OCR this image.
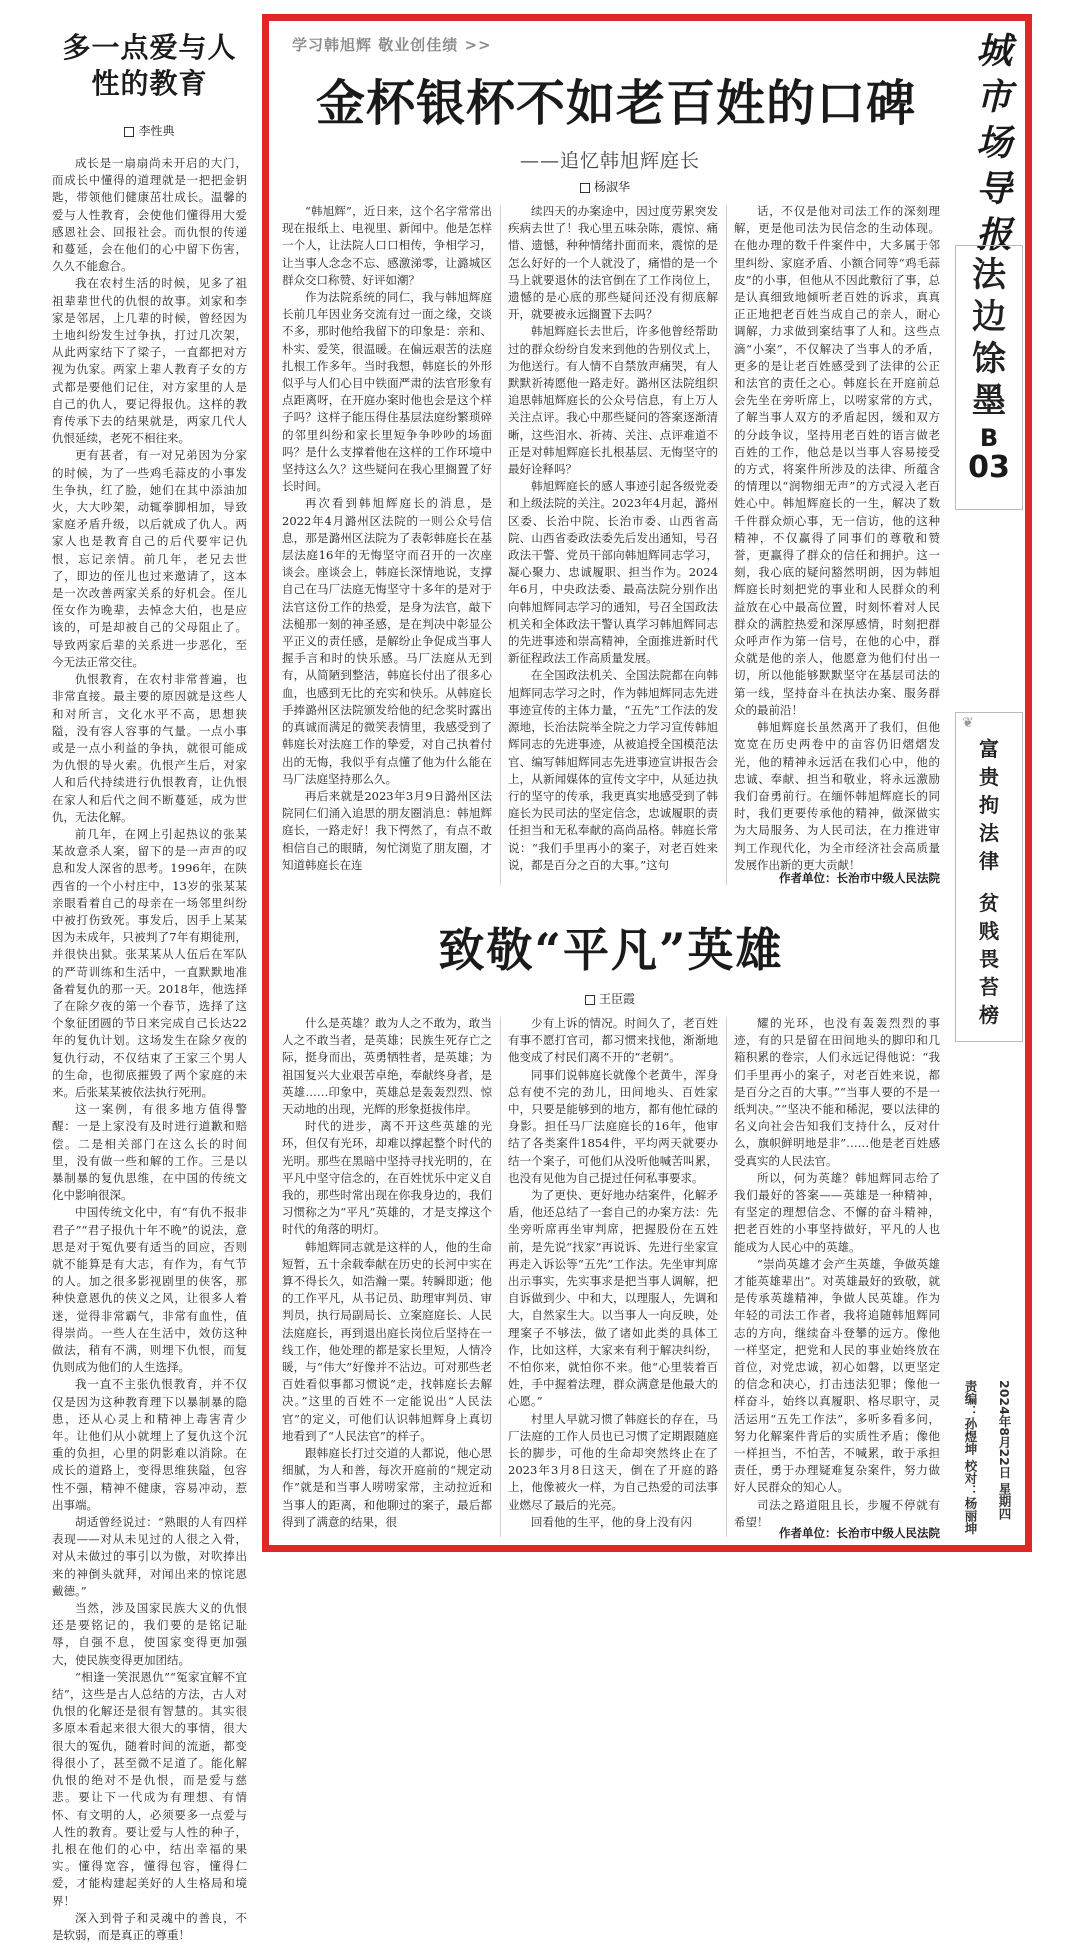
多一点爱与人性的教育
李性典

成长是一扇扇尚未开启的大门，而成长中懂得的道理就是一把把金钥匙，带领他们健康茁壮成长。温馨的爱与人性教育，会使他们懂得用大爱感恩社会、回报社会。而仇恨的传递和蔓延，会在他们的心中留下伤害，久久不能愈合。

我在农村生活的时候，见多了祖祖辈辈世代的仇恨的故事。刘家和李家是邻居，上几辈的时候，曾经因为土地纠纷发生过争执，打过几次架，从此两家结下了梁子，一直都把对方视为仇家。两家上辈人教育子女的方式都是要他们记住，对方家里的人是自己的仇人，要记得报仇。这样的教育传承下去的结果就是，两家几代人仇恨延续，老死不相往来。

更有甚者，有一对兄弟因为分家的时候，为了一些鸡毛蒜皮的小事发生争执，红了脸，她们在其中添油加火，大大吵架，动辄拳脚相加，导致家庭矛盾升级，以后就成了仇人。两家人也是教育自己的后代要牢记仇恨，忘记亲情。前几年，老兄去世了，即边的侄儿也过来邀请了，这本是一次改善两家关系的好机会。侄儿侄女作为晚辈，去悼念大伯，也是应该的，可是却被自己的父母阻止了。导致两家后辈的关系进一步恶化，至今无法正常交往。

仇恨教育，在农村非常普遍，也非常直接。最主要的原因就是这些人和对所言，文化水平不高，思想狭隘，没有容人容事的气量。一点小事或是一点小利益的争执，就很可能成为仇恨的导火索。仇恨产生后，对家人和后代持续进行仇恨教育，让仇恨在家人和后代之间不断蔓延，成为世仇，无法化解。

前几年，在网上引起热议的张某某故意杀人案，留下的是一声声的叹息和发人深省的思考。1996年，在陕西省的一个小村庄中，13岁的张某某亲眼看着自己的母亲在一场邻里纠纷中被打伤致死。事发后，因手上某某因为未成年，只被判了7年有期徒刑，并很快出狱。张某某从人伍后在军队的严苛训练和生活中，一直默默地准备着复仇的那一天。2018年，他选择了在除夕夜的第一个春节，选择了这个象征团圆的节日来完成自己长达22年的复仇计划。这场发生在除夕夜的复仇行动，不仅结束了王家三个男人的生命，也彻底摧毁了两个家庭的未来。后张某某被依法执行死刑。

这一案例，有很多地方值得警醒：一是上家没有及时进行道歉和赔偿。二是相关部门在这么长的时间里，没有做一些和解的工作。三是以暴制暴的复仇思维，在中国的传统文化中影响很深。

中国传统文化中，有“有仇不报非君子”“君子报仇十年不晚”的说法，意思是对于冤仇要有适当的回应，否则就不能算是有大志，有作为，有气节的人。加之很多影视剧里的侠客，那种快意恩仇的侠义之风，让很多人着迷，觉得非常霸气，非常有血性，值得崇尚。一些人在生活中，效仿这种做法，稍有不满，则埋下仇恨，而复仇则成为他们的人生选择。

我一直不主张仇恨教育，并不仅仅是因为这种教育理下以暴制暴的隐患，还从心灵上和精神上毒害青少年。让他们从小就埋上了复仇这个沉重的负担，心里的阴影难以消除。在成长的道路上，变得思维狭隘，包容性不强，精神不健康，容易冲动，惹出事端。

胡适曾经说过：“熟眼的人有四样表现——对从未见过的人很之入骨，对从未做过的事引以为傲，对吹捧出来的神倒头就拜，对闻出来的惊诧恩戴德。”

当然，涉及国家民族大义的仇恨还是要铭记的，我们要的是铭记耻辱，自强不息，使国家变得更加强大，使民族变得更加团结。

“相逢一笑泯恩仇”“冤家宜解不宜结”，这些是古人总结的方法，古人对仇恨的化解还是很有智慧的。其实很多原本看起来很大很大的事情，很大很大的冤仇，随着时间的流逝，都变得很小了，甚至微不足道了。能化解仇恨的绝对不是仇恨，而是爱与慈悲。要让下一代成为有理想、有情怀、有文明的人，必须要多一点爱与人性的教育。要让爱与人性的种子，扎根在他们的心中，结出幸福的果实。懂得宽容，懂得包容，懂得仁爱，才能构建起美好的人生格局和境界！

深入到骨子和灵魂中的善良，不是软弱，而是真正的尊重！

学习韩旭辉 敬业创佳绩 >>
金杯银杯不如老百姓的口碑
——追忆韩旭辉庭长
杨淑华

“韩旭辉”，近日来，这个名字常常出现在报纸上、电视里、新闻中。他是怎样一个人，让法院人口口相传，争相学习，让当事人念念不忘、感激涕零，让潞城区群众交口称赞、好评如潮？

作为法院系统的同仁，我与韩旭辉庭长前几年因业务交流有过一面之缘，交谈不多，那时他给我留下的印象是：亲和、朴实、爱笑，很温暖。在偏远艰苦的法庭扎根工作多年。当时我想，韩庭长的外形似乎与人们心目中铁面严肃的法官形象有点距离呀，在开庭办案时他也会是这个样子吗？这样子能压得住基层法庭纷繁琐碎的邻里纠纷和家长里短争争吵吵的场面吗？是什么支撑着他在这样的工作环境中坚持这么久？这些疑问在我心里搁置了好长时间。

再次看到韩旭辉庭长的消息，是2022年4月潞州区法院的一则公众号信息，那是潞州区法院为了表彰韩庭长在基层法庭16年的无悔坚守而召开的一次座谈会。座谈会上，韩庭长深情地说，支撑自己在马厂法庭无悔坚守十多年的是对于法官这份工作的热爱，是身为法官，敲下法槌那一刻的神圣感，是在判决中彰显公平正义的责任感，是解纷止争促成当事人握手言和时的快乐感。马厂法庭从无到有，从简陋到整洁，韩庭长付出了很多心血，也感到无比的充实和快乐。从韩庭长手捧潞州区法院颁发给他的纪念奖时露出的真诚而满足的微笑表情里，我感受到了韩庭长对法庭工作的挚爱，对自己执着付出的无悔，我似乎有点懂了他为什么能在马厂法庭坚持那么久。

再后来就是2023年3月9日潞州区法院同仁们涌入追思的朋友圈消息：韩旭辉庭长，一路走好！我下愕然了，有点不敢相信自己的眼睛，匆忙浏览了朋友圈，才知道韩庭长在连

续四天的办案途中，因过度劳累突发疾病去世了！我心里五味杂陈，震惊、痛惜、遗憾，种种情绪扑面而来，震惊的是怎么好好的一个人就没了，痛惜的是一个马上就要退休的法官倒在了工作岗位上，遗憾的是心底的那些疑问还没有彻底解开，就要被永远搁置下去吗？

韩旭辉庭长去世后，许多他曾经帮助过的群众纷纷自发来到他的告别仪式上，为他送行。有人情不自禁放声痛哭，有人默默祈祷愿他一路走好。潞州区法院组织追思韩旭辉庭长的公众号信息，有上万人关注点评。我心中那些疑问的答案逐渐清晰，这些泪水、祈祷、关注、点评难道不正是对韩旭辉庭长扎根基层、无悔坚守的最好诠释吗？

韩旭辉庭长的感人事迹引起各级党委和上级法院的关注。2023年4月起，潞州区委、长治中院、长治市委、山西省高院、山西省委政法委先后发出通知，号召政法干警、党员干部向韩旭辉同志学习，凝心聚力、忠诚履职、担当作为。2024年6月，中央政法委、最高法院分别作出向韩旭辉同志学习的通知，号召全国政法机关和全体政法干警认真学习韩旭辉同志的先进事迹和崇高精神，全面推进新时代新征程政法工作高质量发展。

在全国政法机关、全国法院都在向韩旭辉同志学习之时，作为韩旭辉同志先进事迹宣传的主体力量，“五先”工作法的发源地，长治法院举全院之力学习宣传韩旭辉同志的先进事迹，从被追授全国模范法官、编写韩旭辉同志先进事迹宣讲报告会上，从新闻媒体的宣传文字中，从延边执行的坚守的传承，我更真实地感受到了韩庭长为民司法的坚定信念，忠诚履职的责任担当和无私奉献的高尚品格。韩庭长常说：“我们手里再小的案子，对老百姓来说，都是百分之百的大事。”这句

话，不仅是他对司法工作的深刻理解，更是他司法为民信念的生动体现。在他办理的数千件案件中，大多属于邻里纠纷、家庭矛盾、小额合同等“鸡毛蒜皮”的小事，但他从不因此敷衍了事，总是认真细致地倾听老百姓的诉求，真真正正地把老百姓当成自己的亲人，耐心调解，力求做到案结事了人和。这些点滴“小案”，不仅解决了当事人的矛盾，更多的是让老百姓感受到了法律的公正和法官的责任之心。韩庭长在开庭前总会先坐在旁听席上，以唠家常的方式，了解当事人双方的矛盾起因，缓和双方的分歧争议，坚持用老百姓的语言做老百姓的工作，他总是以当事人容易接受的方式，将案件所涉及的法律、所蕴含的情理以“润物细无声”的方式浸入老百姓心中。韩旭辉庭长的一生，解决了数千件群众烦心事，无一信访，他的这种精神，不仅赢得了同事们的尊敬和赞誉，更赢得了群众的信任和拥护。这一刻，我心底的疑问豁然明朗，因为韩旭辉庭长时刻把党的事业和人民群众的利益放在心中最高位置，时刻怀着对人民群众的满腔热爱和深厚感情，时刻把群众呼声作为第一信号，在他的心中，群众就是他的亲人，他愿意为他们付出一切，所以他能够默默坚守在基层司法的第一线，坚持奋斗在执法办案、服务群众的最前沿！

韩旭辉庭长虽然离开了我们，但他宽宽在历史两卷中的亩容仍旧熠熠发光，他的精神永远活在我们心中，他的忠诚、奉献、担当和敬业，将永远激励我们奋勇前行。在缅怀韩旭辉庭长的同时，我们更要传承他的精神，做深做实为大局服务、为人民司法，在力推进审判工作现代化，为全市经济社会高质量发展作出新的更大贡献！

作者单位：长治市中级人民法院
致敬“平凡”英雄
王臣霞

什么是英雄？敢为人之不敢为，敢当人之不敢当者，是英雄；民族生死存亡之际，挺身而出，英勇牺牲者，是英雄；为祖国复兴大业艰苦卓绝，奉献终身者，是英雄……印象中，英雄总是轰轰烈烈、惊天动地的出现，光辉的形象挺拔伟岸。

时代的进步，离不开这些英雄的光环，但仅有光环，却难以撑起整个时代的光明。那些在黑暗中坚持寻找光明的，在平凡中坚守信念的，在百姓忧乐中定义自我的，那些时常出现在你我身边的，我们习惯称之为“平凡”英雄的，才是支撑这个时代的角落的明灯。

韩旭辉同志就是这样的人，他的生命短暂，五十余载奉献在历史的长河中实在算不得长久，如浩瀚一粟。转瞬即逝；他的工作平凡，从书记员、助理审判员、审判员，执行局副局长、立案庭庭长、人民法庭庭长，再到退出庭长岗位后坚持在一线工作，他处理的都是家长里短，人情冷暖，与“伟大”好像并不沾边。可对那些老百姓看似事都习惯说“走，找韩庭长去解决。”这里的百姓不一定能说出“人民法官”的定义，可他们认识韩旭辉身上真切地看到了“人民法官”的样子。

跟韩庭长打过交道的人都说，他心思细腻，为人和善，每次开庭前的“规定动作”就是和当事人唠唠家常，主动拉近和当事人的距离，和他聊过的案子，最后都得到了满意的结果，很

少有上诉的情况。时间久了，老百姓有事不愿打官司，都习惯来找他，渐渐地他变成了村民们离不开的“老朝”。

同事们说韩庭长就像个老黄牛，浑身总有使不完的劲儿，田间地头、百姓家中，只要是能够到的地方，都有他忙碌的身影。担任马厂法庭庭长的16年，他审结了各类案件1854件，平均两天就要办结一个案子，可他们从没听他喊苦叫累，也没有见他为自己提过任何私事要求。

为了更快、更好地办结案件，化解矛盾，他还总结了一套自己的办案方法：先坐旁听席再坐审判席，把握股份在五姓前，是先说“找家”再说诉、先进行坐家宣再走入诉讼等“五先”工作法。先坐审判席出示事实，先实事求是把当事人调解，把自诉做到少、中和大，以理服人，先调和大，自然家生大。以当事人一向反映，处理案子不够法，做了诸如此类的具体工作，比如这样，大家来有利于解决纠纷，不怕你来，就怕你不来。他“心里装着百姓，手中握着法理，群众满意是他最大的心愿。”

村里人早就习惯了韩庭长的存在，马厂法庭的工作人员也已习惯了定期跟随庭长的脚步，可他的生命却突然终止在了2023年3月8日这天，倒在了开庭的路上，他像被火一样，为自己热爱的司法事业燃尽了最后的光亮。

回看他的生平，他的身上没有闪

耀的光环，也没有轰轰烈烈的事迹，有的只是留在田间地头的脚印和几箱积累的卷宗，人们永远记得他说：“我们手里再小的案子，对老百姓来说，都是百分之百的大事。”“当事人要的不是一纸判决。”“坚决不能和稀泥，要以法律的名义向社会告知我们支持什么，反对什么，旗帜鲜明地是非”……他是老百姓感受真实的人民法官。

所以，何为英雄？韩旭辉同志给了我们最好的答案——英雄是一种精神，有坚定的理想信念、不懈的奋斗精神，把老百姓的小事坚持做好，平凡的人也能成为人民心中的英雄。

“崇尚英雄才会产生英雄，争做英雄才能英雄辈出”。对英雄最好的致敬，就是传承英雄精神，争做人民英雄。作为年轻的司法工作者，我将追随韩旭辉同志的方向，继续奋斗登攀的远方。像他一样坚定，把党和人民的事业始终放在首位，对党忠诚，初心如磐，以更坚定的信念和决心，打击违法犯罪；像他一样奋斗，始终以真履职、格尽职守，灵活运用“五先工作法”，多听多看多问，努力化解案件背后的实质性矛盾；像他一样担当，不怕苦，不喊累，敢于承担责任，勇于办理疑难复杂案件，努力做好人民群众的知心人。

司法之路道阻且长，步履不停就有希望！

作者单位：长治市中级人民法院
城
市
场
导
报
法
边
馀
墨
B
03
❦
富
贵
拘
法
律
贫
贱
畏
苔
榜
责编：孙煜坤 校对：杨丽坤 2024年8月22日 星期四
